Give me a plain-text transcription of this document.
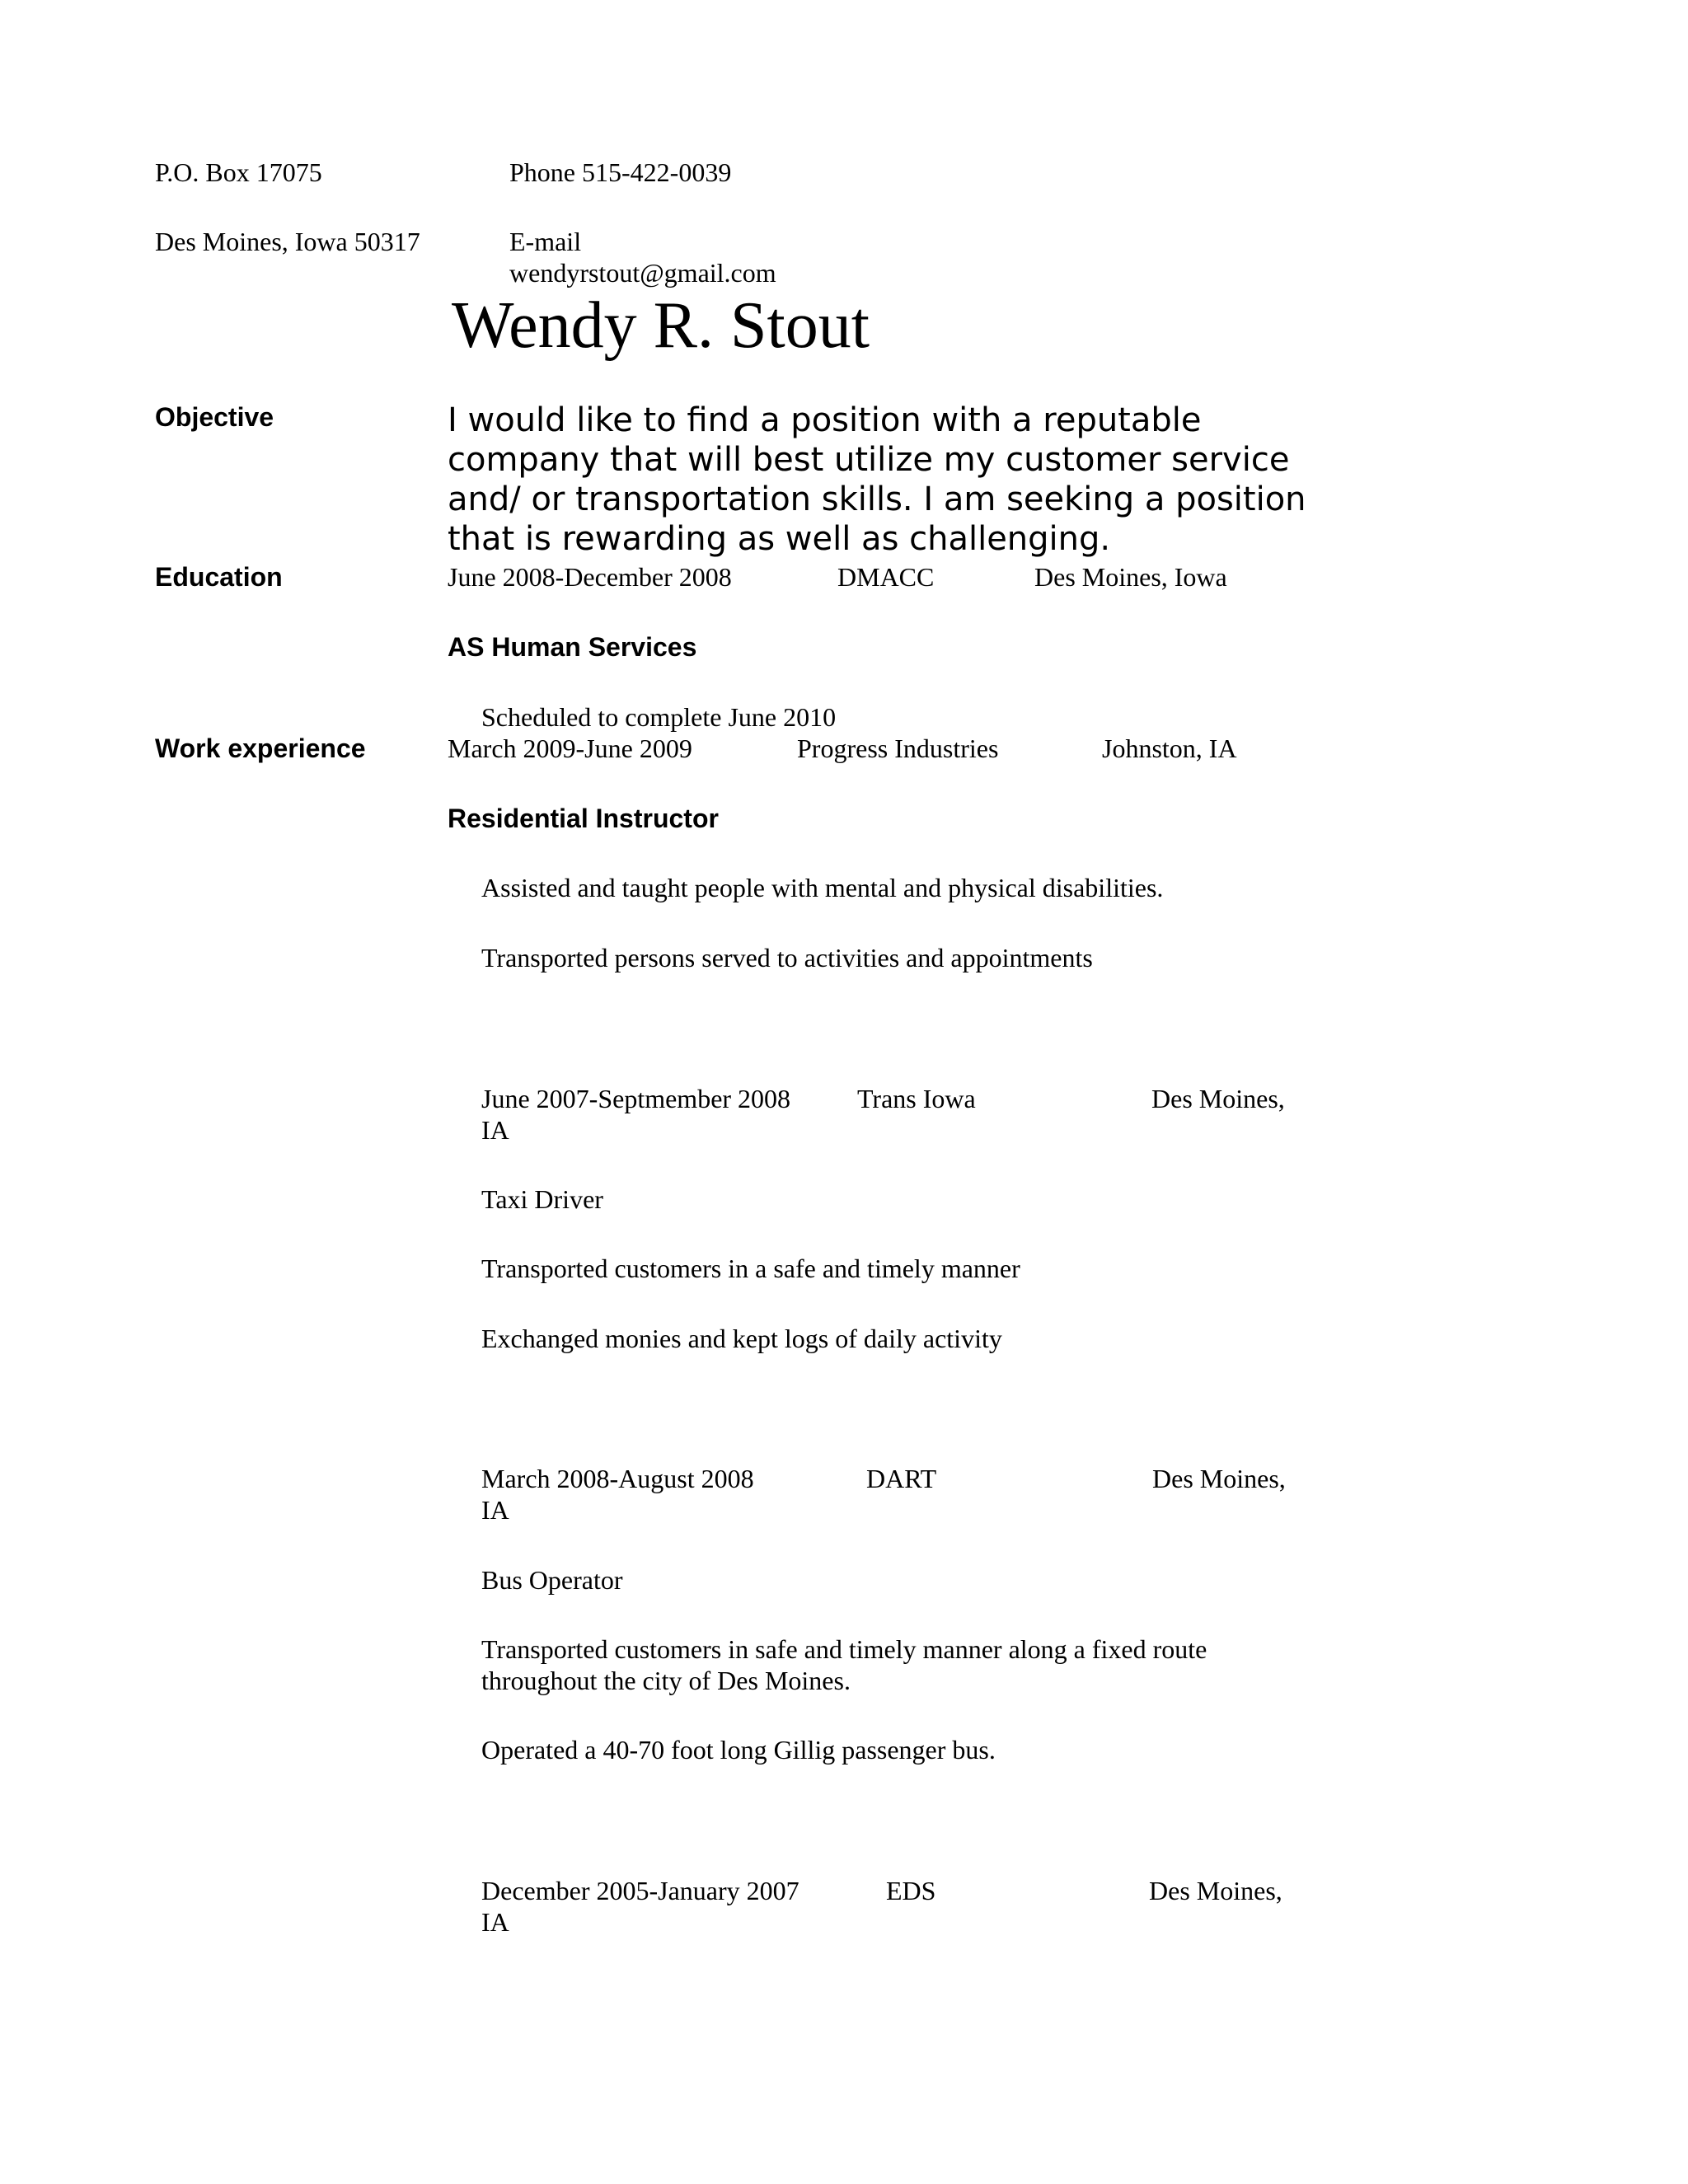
P.O. Box 17075	Phone 515-422-0039
Des Moines, Iowa 50317	E-mail
wendyrstout@gmail.com
Wendy R. Stout
Objective	I would like to find a position with a reputable company that will best utilize my customer service and/ or transportation skills. I am seeking a position that is rewarding as well as challenging.
Education	June 2008-December 2008	DMACC	Des Moines, Iowa
AS Human Services
Scheduled to complete June 2010
Work experience	March 2009-June 2009	Progress Industries	Johnston, IA
Residential Instructor
Assisted and taught people with mental and physical disabilities.
Transported persons served to activities and appointments
June 2007-Septmember 2008	Trans Iowa	Des Moines,
IA
Taxi Driver
Transported customers in a safe and timely manner
Exchanged monies and kept logs of daily activity
March 2008-August 2008	DART	Des Moines,
IA
Bus Operator
Transported customers in safe and timely manner along a fixed route throughout the city of Des Moines.
Operated a 40-70 foot long Gillig passenger bus.
December 2005-January 2007	EDS	Des Moines,
IA
